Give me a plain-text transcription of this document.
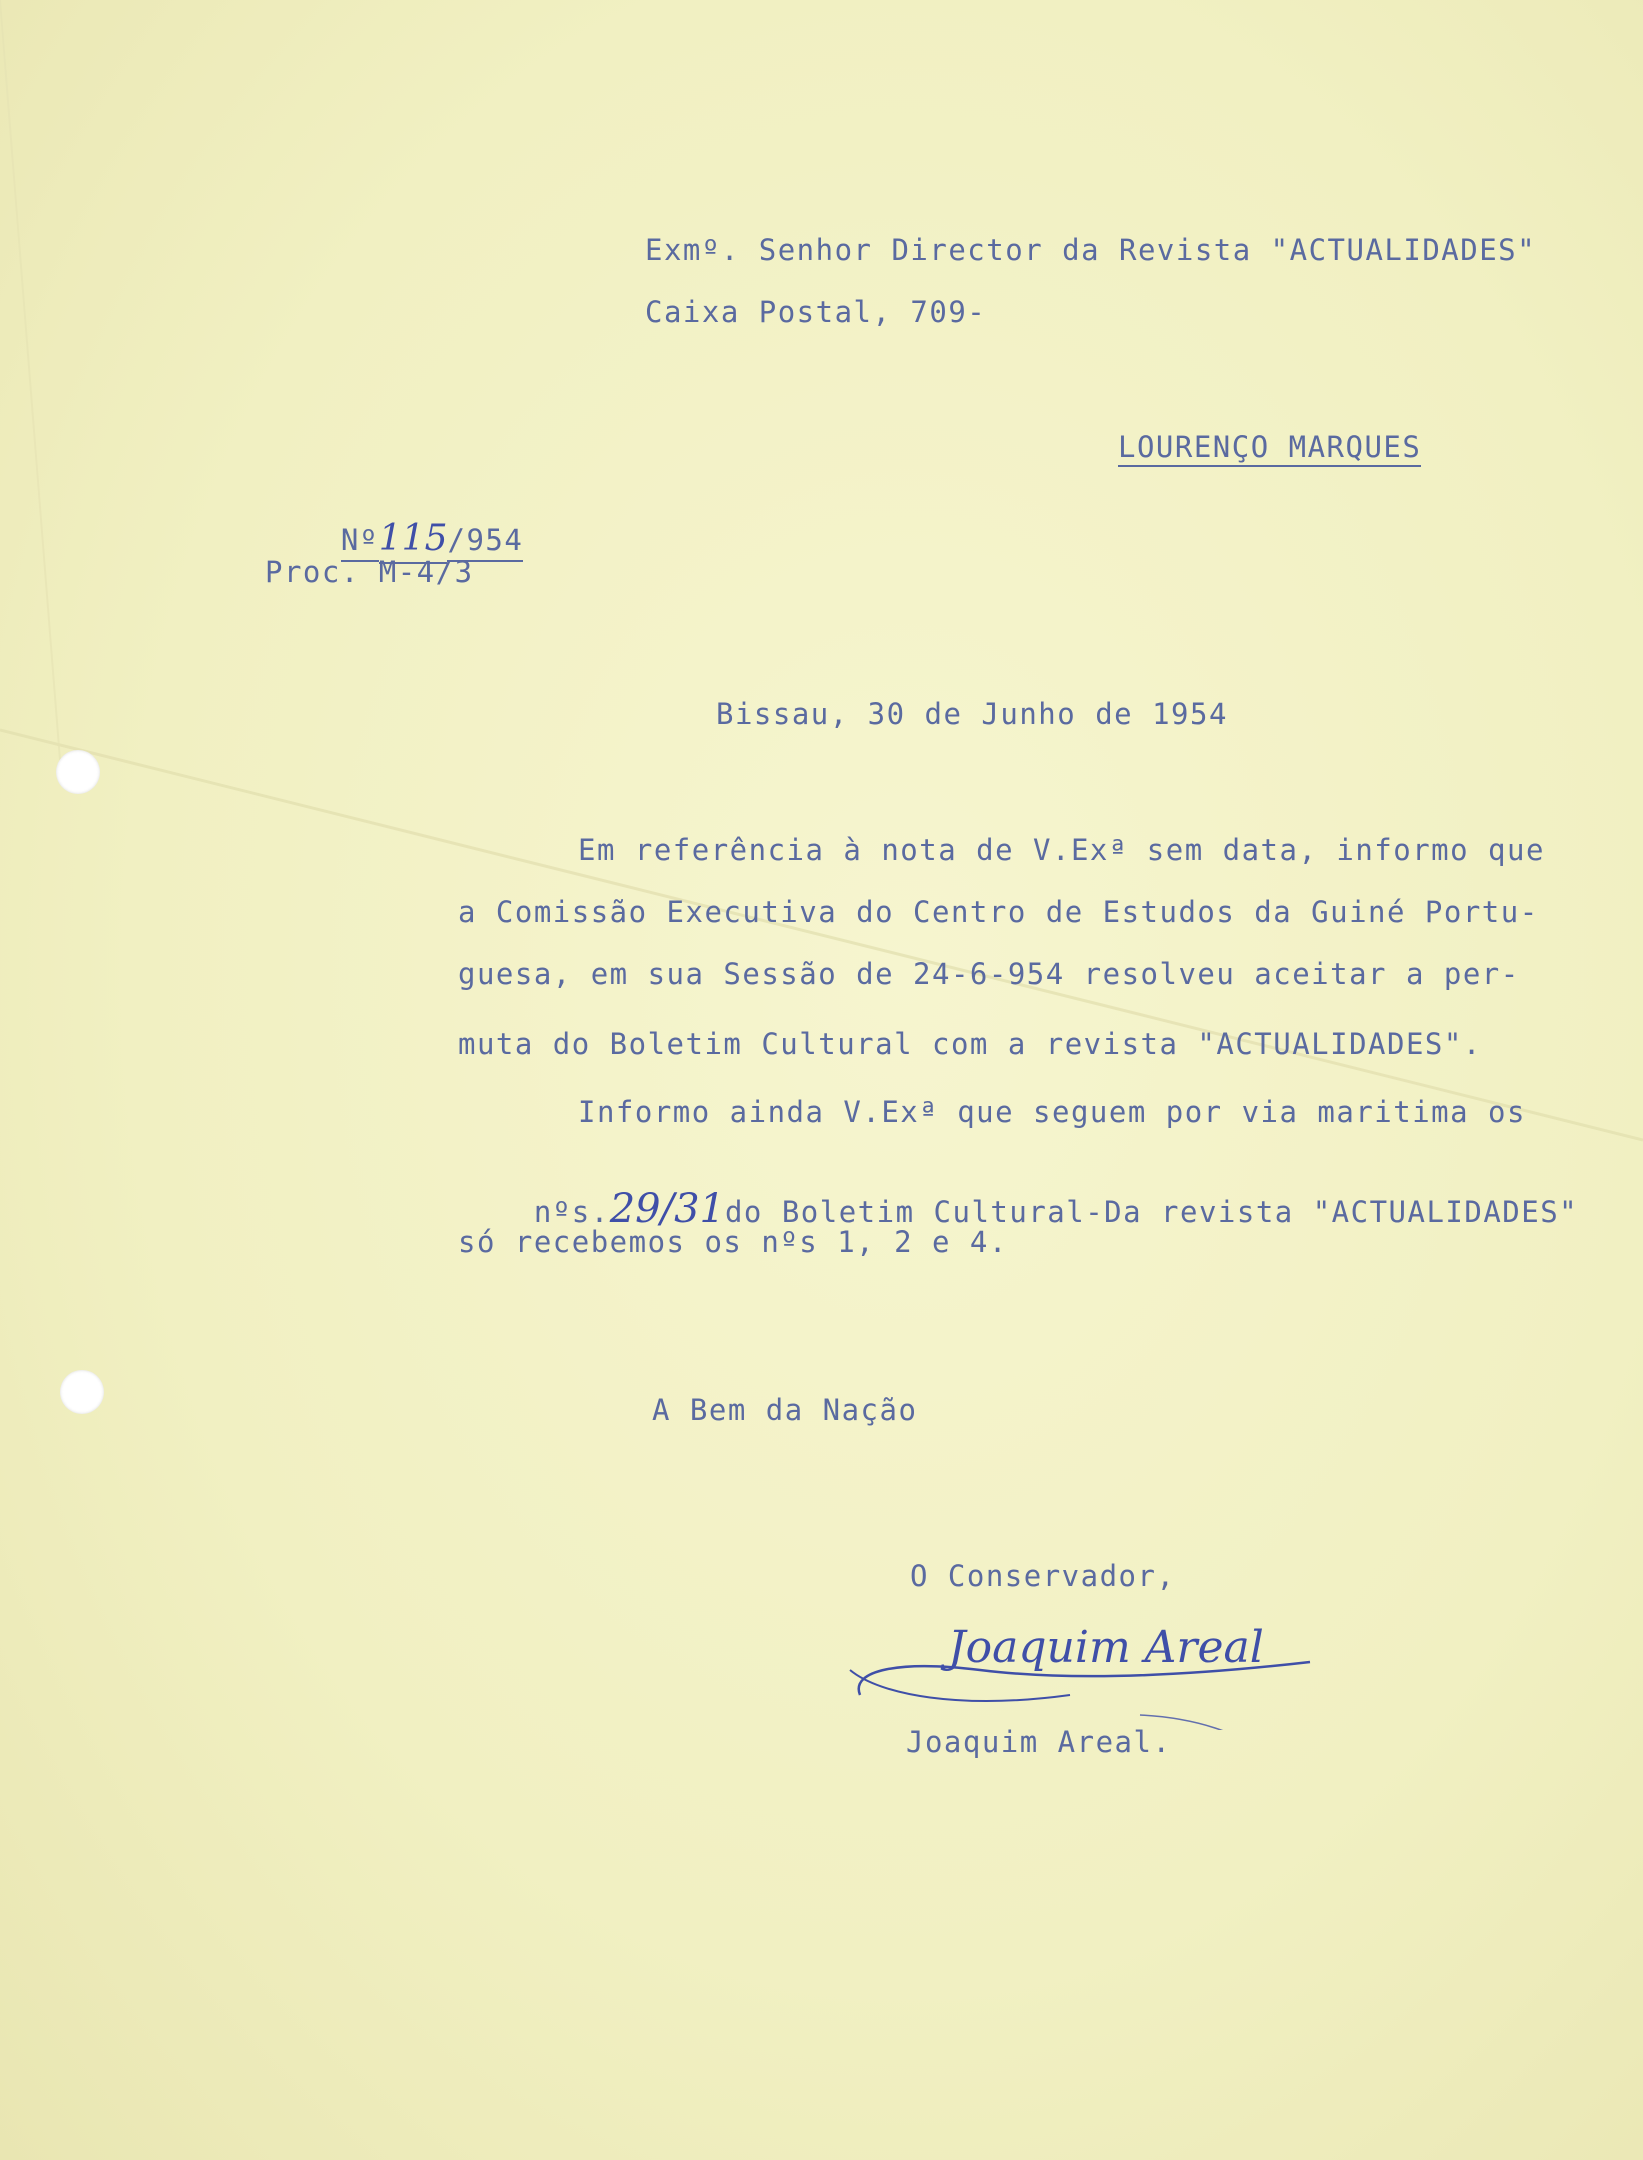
Exmº. Senhor Director da Revista "ACTUALIDADES"
Caixa Postal, 709-
LOURENÇO MARQUES

Nº115/954

Proc. M-4/3
Bissau, 30 de Junho de 1954
Em referência à nota de V.Exª sem data, informo que
a Comissão Executiva do Centro de Estudos da Guiné Portu-
guesa, em sua Sessão de 24-6-954 resolveu aceitar a per-
muta do Boletim Cultural com a revista "ACTUALIDADES".
Informo ainda V.Exª que seguem por via maritima os

nºs.29/31do Boletim Cultural-Da revista "ACTUALIDADES"

só recebemos os nºs 1, 2 e 4.
A Bem da Nação
O Conservador,
Joaquim Areal
Joaquim Areal.
